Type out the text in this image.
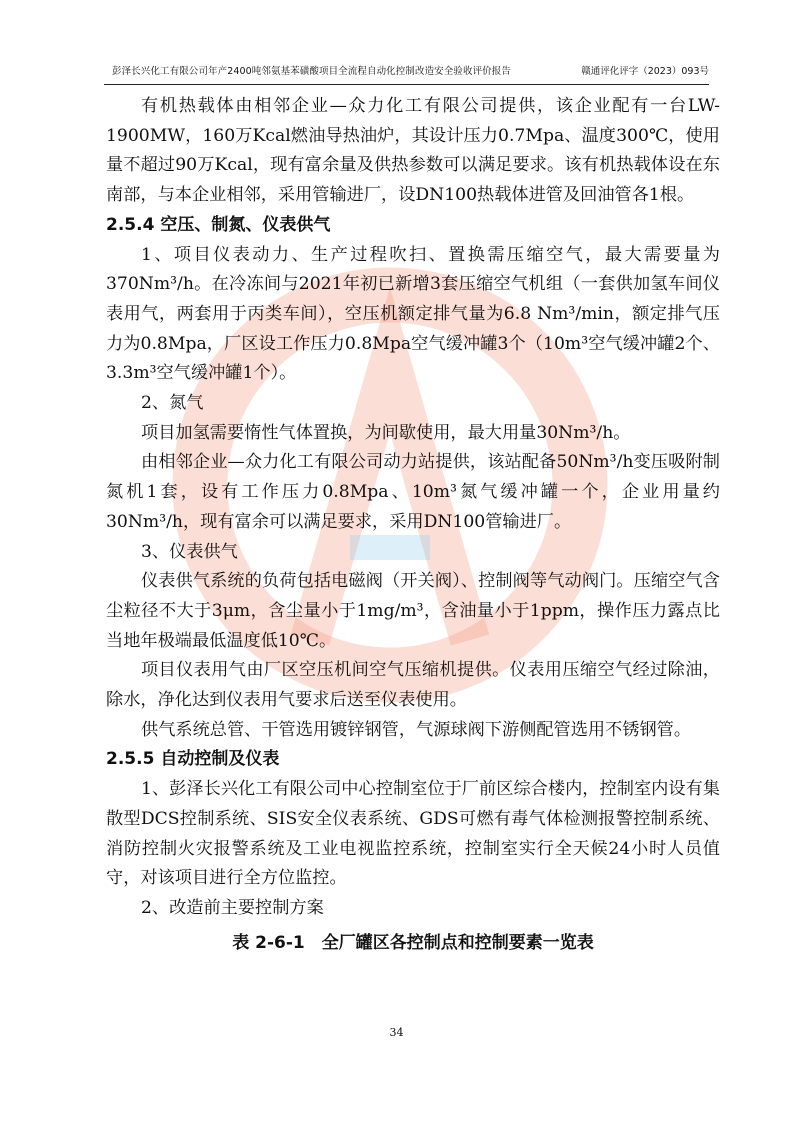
彭泽长兴化工有限公司年产2400吨邻氨基苯磺酸项目全流程自动化控制改造安全验收评价报告	赣通评化评字（2023）093号

有机热载体由相邻企业—众力化工有限公司提供，该企业配有一台LW-1900MW，160万Kcal燃油导热油炉，其设计压力0.7Mpa、温度300℃，使用量不超过90万Kcal，现有富余量及供热参数可以满足要求。该有机热载体设在东南部，与本企业相邻，采用管输进厂，设DN100热载体进管及回油管各1根。

2.5.4 空压、制氮、仪表供气

1、项目仪表动力、生产过程吹扫、置换需压缩空气，最大需要量为370Nm³/h。在冷冻间与2021年初已新增3套压缩空气机组（一套供加氢车间仪表用气，两套用于丙类车间），空压机额定排气量为6.8 Nm³/min，额定排气压力为0.8Mpa，厂区设工作压力0.8Mpa空气缓冲罐3个（10m³空气缓冲罐2个、3.3m³空气缓冲罐1个）。

2、氮气

项目加氢需要惰性气体置换，为间歇使用，最大用量30Nm³/h。

由相邻企业—众力化工有限公司动力站提供，该站配备50Nm³/h变压吸附制氮机1套，设有工作压力0.8Mpa、10m³氮气缓冲罐一个，企业用量约30Nm³/h，现有富余可以满足要求，采用DN100管输进厂。

3、仪表供气

仪表供气系统的负荷包括电磁阀（开关阀）、控制阀等气动阀门。压缩空气含尘粒径不大于3μm，含尘量小于1mg/m³，含油量小于1ppm，操作压力露点比当地年极端最低温度低10℃。

项目仪表用气由厂区空压机间空气压缩机提供。仪表用压缩空气经过除油，除水，净化达到仪表用气要求后送至仪表使用。

供气系统总管、干管选用镀锌钢管，气源球阀下游侧配管选用不锈钢管。

2.5.5 自动控制及仪表

1、彭泽长兴化工有限公司中心控制室位于厂前区综合楼内，控制室内设有集散型DCS控制系统、SIS安全仪表系统、GDS可燃有毒气体检测报警控制系统、消防控制火灾报警系统及工业电视监控系统，控制室实行全天候24小时人员值守，对该项目进行全方位监控。

2、改造前主要控制方案

表 2-6-1　全厂罐区各控制点和控制要素一览表

34
